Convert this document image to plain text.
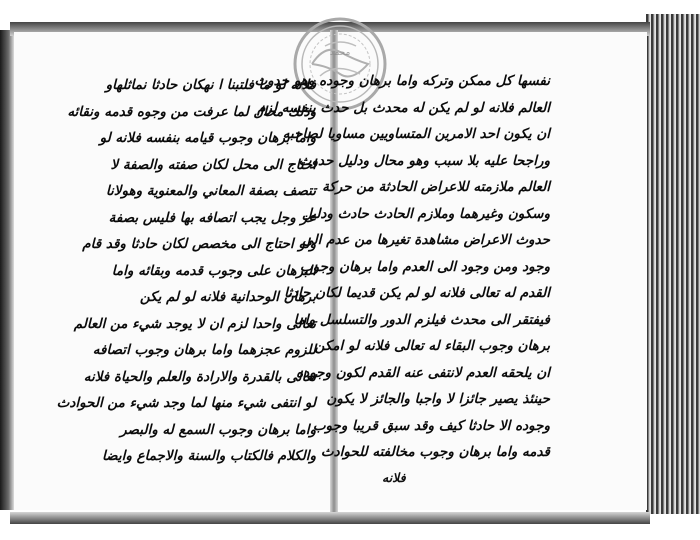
محمد
فلانه لو ما فلتبنا ا نهكان حادثا نماثلهاو
وذلك محال لما عرفت من وجوه قدمه ونقائه
واما برهان وجوب قيامه بنفسه فلانه لو
احتاج الى محل لكان صفته والصفة لا
تتصف بصفة المعاني والمعنوية وهولانا
عز وجل يجب اتصافه بها فليس بصفة
ولو احتاج الى مخصص لكان حادثا وقد قام
البرهان على وجوب قدمه وبقائه واما
برهان الوحدانية فلانه لو لم يكن
تعالى واحدا لزم ان لا يوجد شيء من العالم
للزوم عجزهما واما برهان وجوب اتصافه
تعالى بالقدرة والارادة والعلم والحياة فلانه
لو انتفى شيء منها لما وجد شيء من الحوادث
واما برهان وجوب السمع له والبصر
والكلام فالكتاب والسنة والاجماع وايضا
نفسها كل ممكن وتركه واما برهان وجوده وهو حدوث
العالم فلانه لو لم يكن له محدث بل حدث بنفسه لزم
ان يكون احد الامرين المتساويين مساويا لصاحبه
وراجحا عليه بلا سبب وهو محال ودليل حدوث
العالم ملازمته للاعراض الحادثة من حركة
وسكون وغيرهما وملازم الحادث حادث ودليل
حدوث الاعراض مشاهدة تغيرها من عدم الى
وجود ومن وجود الى العدم واما برهان وجوب
القدم له تعالى فلانه لو لم يكن قديما لكان حادثا
فيفتقر الى محدث فيلزم الدور والتسلسل واما
برهان وجوب البقاء له تعالى فلانه لو امكن
ان يلحقه العدم لانتفى عنه القدم لكون وجوده
حينئذ يصير جائزا لا واجبا والجائز لا يكون
وجوده الا حادثا كيف وقد سبق قريبا وجوب
قدمه واما برهان وجوب مخالفته للحوادث
فلانه
